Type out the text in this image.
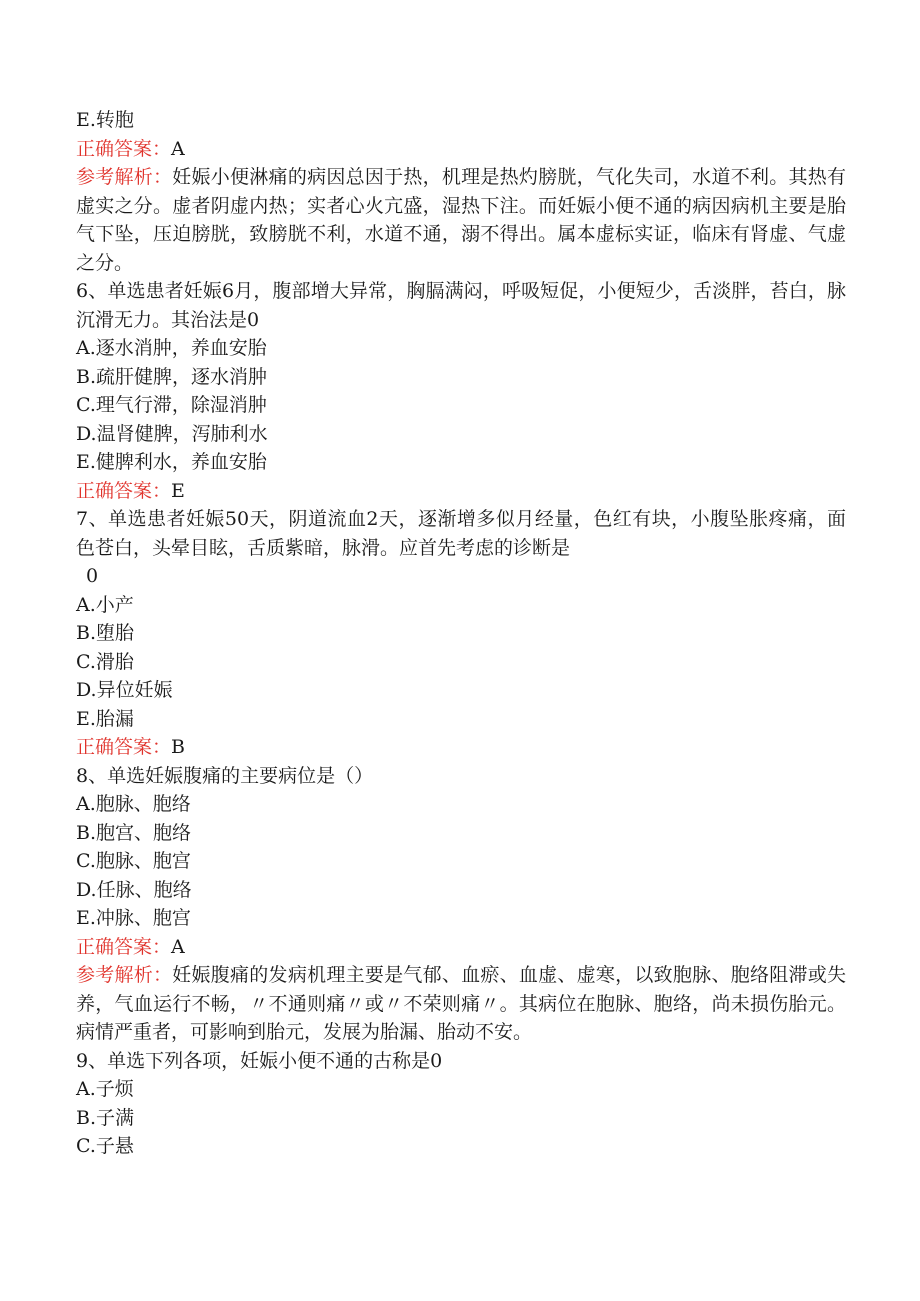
E.转胞
正确答案：A
参考解析：妊娠小便淋痛的病因总因于热，机理是热灼膀胱，气化失司，水道不利。其热有虚实之分。虚者阴虚内热；实者心火亢盛，湿热下注。而妊娠小便不通的病因病机主要是胎气下坠，压迫膀胱，致膀胱不利，水道不通，溺不得出。属本虚标实证，临床有肾虚、气虚之分。
6、单选患者妊娠6月，腹部增大异常，胸膈满闷，呼吸短促，小便短少，舌淡胖，苔白，脉沉滑无力。其治法是0
A.逐水消肿，养血安胎
B.疏肝健脾，逐水消肿
C.理气行滞，除湿消肿
D.温肾健脾，泻肺利水
E.健脾利水，养血安胎
正确答案：E
7、单选患者妊娠50天，阴道流血2天，逐渐增多似月经量，色红有块，小腹坠胀疼痛，面色苍白，头晕目眩，舌质紫暗，脉滑。应首先考虑的诊断是
0
A.小产
B.堕胎
C.滑胎
D.异位妊娠
E.胎漏
正确答案：B
8、单选妊娠腹痛的主要病位是（）
A.胞脉、胞络
B.胞宫、胞络
C.胞脉、胞宫
D.任脉、胞络
E.冲脉、胞宫
正确答案：A
参考解析：妊娠腹痛的发病机理主要是气郁、血瘀、血虚、虚寒，以致胞脉、胞络阻滞或失养，气血运行不畅，〃不通则痛〃或〃不荣则痛〃。其病位在胞脉、胞络，尚未损伤胎元。病情严重者，可影响到胎元，发展为胎漏、胎动不安。
9、单选下列各项，妊娠小便不通的古称是0
A.子烦
B.子满
C.子悬
